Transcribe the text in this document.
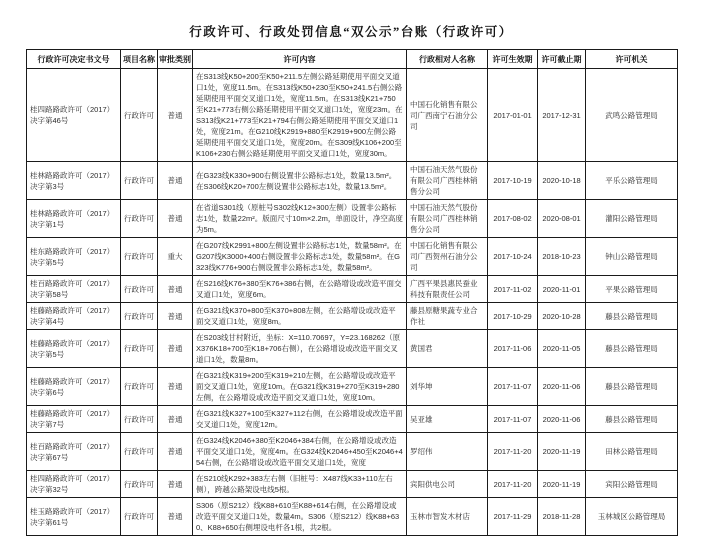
行政许可、行政处罚信息“双公示”台账（行政许可）
行政许可决定书文号	项目名称	审批类别	许可内容	行政相对人名称	许可生效期	许可截止期	许可机关
桂四路路政许可（2017）决字第46号	行政许可	普通	在S313线K50+200至K50+211.5左侧公路延期使用平面交叉道口1处，宽度11.5m。在S313线K50+230至K50+241.5右侧公路延期使用平面交叉道口1处，宽度11.5m。在S313线K21+750至K21+773右侧公路延期使用平面交叉道口1处，宽度23m。在S313线K21+773至K21+794右侧公路延期使用平面交叉道口1处，宽度21m。在G210线K2919+880至K2919+900左侧公路延期使用平面交叉道口1处，宽度20m。在S309线K106+200至K106+230右侧公路延期使用平面交叉道口1处，宽度30m。	中国石化销售有限公司广西南宁石油分公司	2017-01-01	2017-12-31	武鸣公路管理局
桂林路路政许可（2017）决字第3号	行政许可	普通	在G323线K330+900右侧设置非公路标志1处，数量13.5m²。在S306线K20+700左侧设置非公路标志1处，数量13.5m²。	中国石油天然气股份有限公司广西桂林销售分公司	2017-10-19	2020-10-18	平乐公路管理局
桂林路路政许可（2017）决字第1号	行政许可	普通	在省道S301线（原桩号S302线K12+300左侧）设置非公路标志1处，数量22m²。版面尺寸10m×2.2m，单面设计，净空高度为5m。	中国石油天然气股份有限公司广西桂林销售分公司	2017-08-02	2020-08-01	灌阳公路管理局
桂东路路政许可（2017）决字第5号	行政许可	重大	在G207线K2991+800左侧设置非公路标志1处，数量58m²。在G207线K3000+400右侧设置非公路标志1处，数量58m²。在G323线K776+900右侧设置非公路标志1处，数量58m²。	中国石化销售有限公司广西贺州石油分公司	2017-10-24	2018-10-23	钟山公路管理局
桂百路路政许可（2017）决字第58号	行政许可	普通	在S216线K76+380至K76+386右侧，在公路增设或改造平面交叉道口1处，宽度6m。	广西平果县惠民蚕业科技有限责任公司	2017-11-02	2020-11-01	平果公路管理局
桂藤路路政许可（2017）决字第4号	行政许可	普通	在G321线K370+800至K370+808左侧，在公路增设或改造平面交叉道口1处，宽度8m。	藤县原糖果蔬专业合作社	2017-10-29	2020-10-28	藤县公路管理局
桂藤路路政许可（2017）决字第5号	行政许可	普通	在S203线甘村附近，坐标：X=110.70697，Y=23.168262（原X376K18+700至K18+706右侧），在公路增设或改造平面交叉道口1处，数量8m。	黄国君	2017-11-06	2020-11-05	藤县公路管理局
桂藤路路政许可（2017）决字第6号	行政许可	普通	在G321线K319+200至K319+210左侧，在公路增设或改造平面交叉道口1处，宽度10m。在G321线K319+270至K319+280左侧，在公路增设或改造平面交叉道口1处，宽度10m。	刘华坤	2017-11-07	2020-11-06	藤县公路管理局
桂藤路路政许可（2017）决字第7号	行政许可	普通	在G321线K327+100至K327+112右侧，在公路增设或改造平面交叉道口1处，宽度12m。	吴亚雄	2017-11-07	2020-11-06	藤县公路管理局
桂百路路政许可（2017）决字第67号	行政许可	普通	在G324线K2046+380至K2046+384右侧，在公路增设或改造平面交叉道口1处，宽度4m。在G324线K2046+450至K2046+454右侧，在公路增设或改造平面交叉道口1处，宽度	罗绍伟	2017-11-20	2020-11-19	田林公路管理局
桂四路路政许可（2017）决字第32号	行政许可	普通	在S210线K292+383左右侧（旧桩号：X487线K33+110左右侧），跨越公路架设电线5根。	宾阳供电公司	2017-11-20	2020-11-19	宾阳公路管理局
桂玉路路政许可（2017）决字第61号	行政许可	普通	S306（原S212）线K88+610至K88+614右侧，在公路增设或改造平面交叉道口1处，数量4m。S306（原S212）线K88+630、K88+650右侧埋设电杆各1根，共2根。	玉林市智发木材店	2017-11-29	2018-11-28	玉林城区公路管理局
